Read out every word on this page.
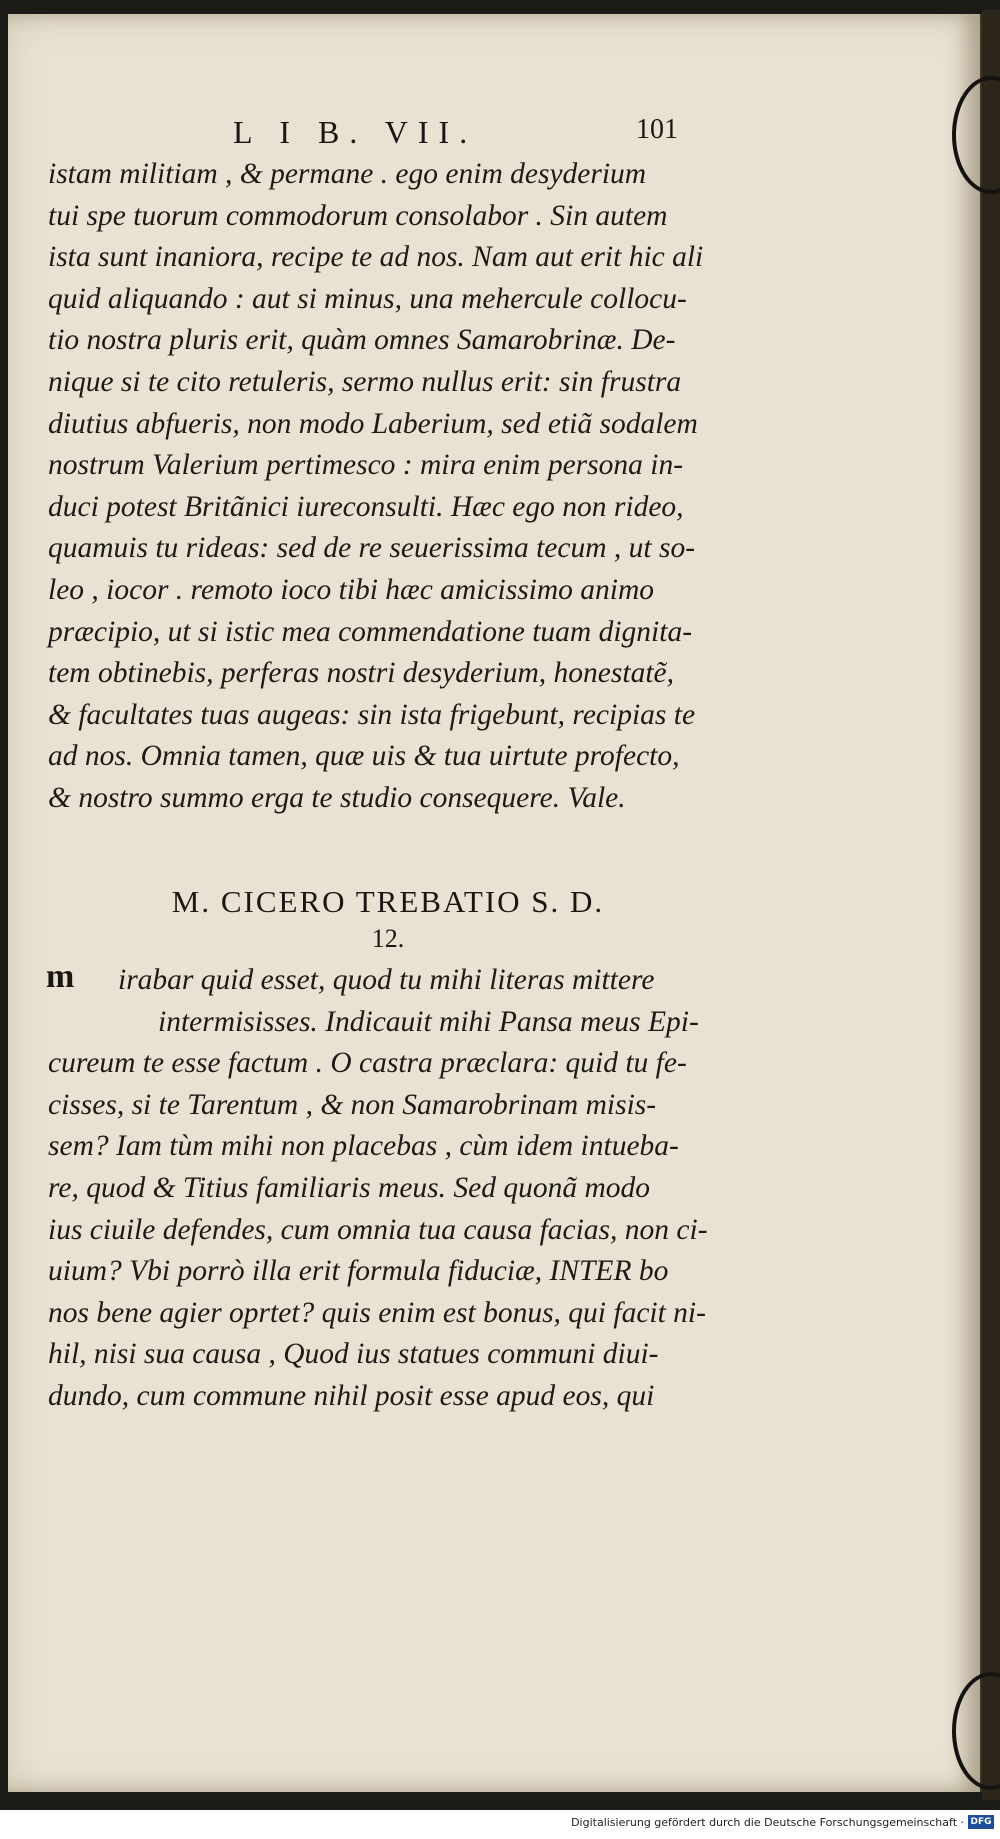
L I B. VII.	101
istam militiam , & permane . ego enim desyderium
tui spe tuorum commodorum consolabor . Sin autem
ista sunt inaniora, recipe te ad nos. Nam aut erit hic ali
quid aliquando : aut si minus, una mehercule collocu-
tio nostra pluris erit, quàm omnes Samarobrinæ. De-
nique si te cito retuleris, sermo nullus erit: sin frustra
diutius abfueris, non modo Laberium, sed etiã sodalem
nostrum Valerium pertimesco : mira enim persona in-
duci potest Britãnici iureconsulti. Hæc ego non rideo,
quamuis tu rideas: sed de re seuerissima tecum , ut so-
leo , iocor . remoto ioco tibi hæc amicissimo animo
præcipio, ut si istic mea commendatione tuam dignita-
tem obtinebis, perferas nostri desyderium, honestatẽ,
& facultates tuas augeas: sin ista frigebunt, recipias te
ad nos. Omnia tamen, quæ uis & tua uirtute profecto,
& nostro summo erga te studio consequere. Vale.
M. CICERO TREBATIO S. D.
12.
m	irabar quid esset, quod tu mihi literas mittere
intermisisses. Indicauit mihi Pansa meus Epi-
cureum te esse factum . O castra præclara: quid tu fe-
cisses, si te Tarentum , & non Samarobrinam misis-
sem? Iam tùm mihi non placebas , cùm idem intueba-
re, quod & Titius familiaris meus. Sed quonã modo
ius ciuile defendes, cum omnia tua causa facias, non ci-
uium? Vbi porrò illa erit formula fiduciæ, INTER bo
nos bene agier oprtet? quis enim est bonus, qui facit ni-
hil, nisi sua causa , Quod ius statues communi diui-
dundo, cum commune nihil posit esse apud eos, qui
Digitalisierung gefördert durch die Deutsche Forschungsgemeinschaft · DFG
